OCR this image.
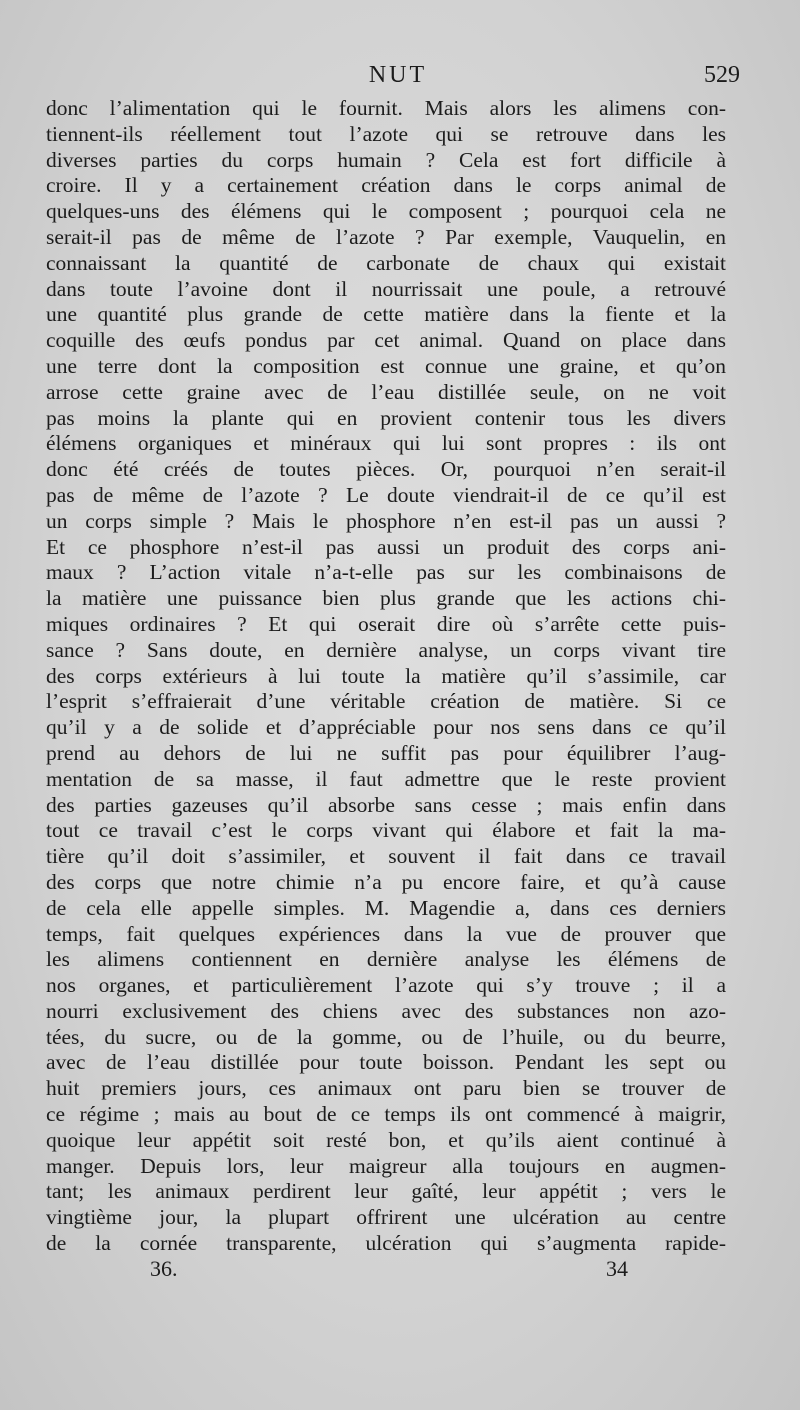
NUT	529
donc l’alimentation qui le fournit. Mais alors les alimens con-
tiennent-ils réellement tout l’azote qui se retrouve dans les
diverses parties du corps humain ? Cela est fort difficile à
croire. Il y a certainement création dans le corps animal de
quelques-uns des élémens qui le composent ; pourquoi cela ne
serait-il pas de même de l’azote ? Par exemple, Vauquelin, en
connaissant la quantité de carbonate de chaux qui existait
dans toute l’avoine dont il nourrissait une poule, a retrouvé
une quantité plus grande de cette matière dans la fiente et la
coquille des œufs pondus par cet animal. Quand on place dans
une terre dont la composition est connue une graine, et qu’on
arrose cette graine avec de l’eau distillée seule, on ne voit
pas moins la plante qui en provient contenir tous les divers
élémens organiques et minéraux qui lui sont propres : ils ont
donc été créés de toutes pièces. Or, pourquoi n’en serait-il
pas de même de l’azote ? Le doute viendrait-il de ce qu’il est
un corps simple ? Mais le phosphore n’en est-il pas un aussi ?
Et ce phosphore n’est-il pas aussi un produit des corps ani-
maux ? L’action vitale n’a-t-elle pas sur les combinaisons de
la matière une puissance bien plus grande que les actions chi-
miques ordinaires ? Et qui oserait dire où s’arrête cette puis-
sance ? Sans doute, en dernière analyse, un corps vivant tire
des corps extérieurs à lui toute la matière qu’il s’assimile, car
l’esprit s’effraierait d’une véritable création de matière. Si ce
qu’il y a de solide et d’appréciable pour nos sens dans ce qu’il
prend au dehors de lui ne suffit pas pour équilibrer l’aug-
mentation de sa masse, il faut admettre que le reste provient
des parties gazeuses qu’il absorbe sans cesse ; mais enfin dans
tout ce travail c’est le corps vivant qui élabore et fait la ma-
tière qu’il doit s’assimiler, et souvent il fait dans ce travail
des corps que notre chimie n’a pu encore faire, et qu’à cause
de cela elle appelle simples. M. Magendie a, dans ces derniers
temps, fait quelques expériences dans la vue de prouver que
les alimens contiennent en dernière analyse les élémens de
nos organes, et particulièrement l’azote qui s’y trouve ; il a
nourri exclusivement des chiens avec des substances non azo-
tées, du sucre, ou de la gomme, ou de l’huile, ou du beurre,
avec de l’eau distillée pour toute boisson. Pendant les sept ou
huit premiers jours, ces animaux ont paru bien se trouver de
ce régime ; mais au bout de ce temps ils ont commencé à maigrir,
quoique leur appétit soit resté bon, et qu’ils aient continué à
manger. Depuis lors, leur maigreur alla toujours en augmen-
tant; les animaux perdirent leur gaîté, leur appétit ; vers le
vingtième jour, la plupart offrirent une ulcération au centre
de la cornée transparente, ulcération qui s’augmenta rapide-
36.	34
